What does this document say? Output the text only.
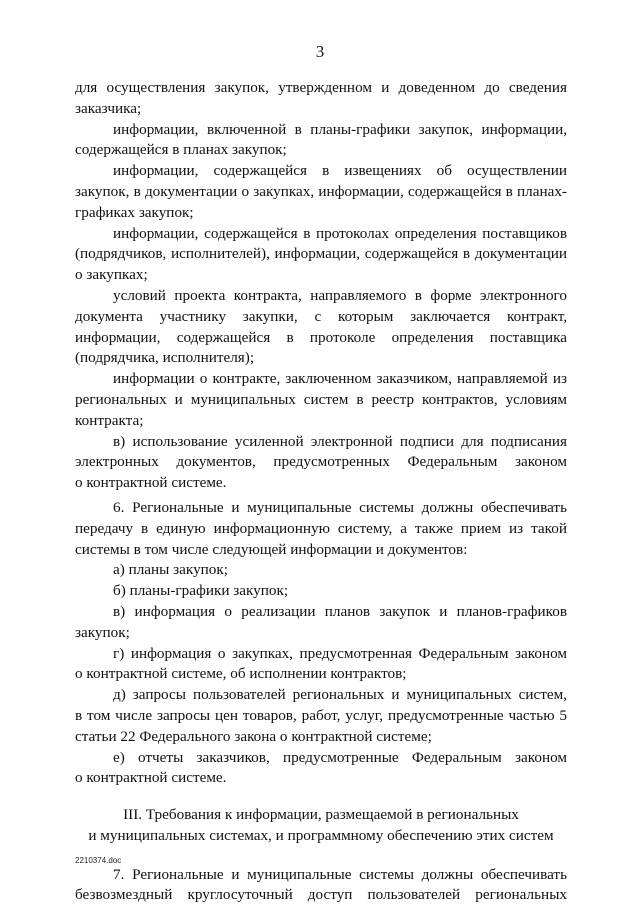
3
для осуществления закупок, утвержденном и доведенном до сведения
заказчика;
информации, включенной в планы-графики закупок, информации,
содержащейся в планах закупок;
информации, содержащейся в извещениях об осуществлении
закупок, в документации о закупках, информации, содержащейся в планах-
графиках закупок;
информации, содержащейся в протоколах определения поставщиков
(подрядчиков, исполнителей), информации, содержащейся в документации
о закупках;
условий проекта контракта, направляемого в форме электронного
документа участнику закупки, с которым заключается контракт,
информации, содержащейся в протоколе определения поставщика
(подрядчика, исполнителя);
информации о контракте, заключенном заказчиком, направляемой из
региональных и муниципальных систем в реестр контрактов, условиям
контракта;
в) использование усиленной электронной подписи для подписания
электронных документов, предусмотренных Федеральным законом
о контрактной системе.
6. Региональные и муниципальные системы должны обеспечивать
передачу в единую информационную систему, а также прием из такой
системы в том числе следующей информации и документов:
а) планы закупок;
б) планы-графики закупок;
в) информация о реализации планов закупок и планов-графиков
закупок;
г) информация о закупках, предусмотренная Федеральным законом
о контрактной системе, об исполнении контрактов;
д) запросы пользователей региональных и муниципальных систем,
в том числе запросы цен товаров, работ, услуг, предусмотренные частью 5
статьи 22 Федерального закона о контрактной системе;
е) отчеты заказчиков, предусмотренные Федеральным законом
о контрактной системе.
III. Требования к информации, размещаемой в региональных
и муниципальных системах, и программному обеспечению этих систем
7. Региональные и муниципальные системы должны обеспечивать
безвозмездный круглосуточный доступ пользователей региональных
2210374.doc
